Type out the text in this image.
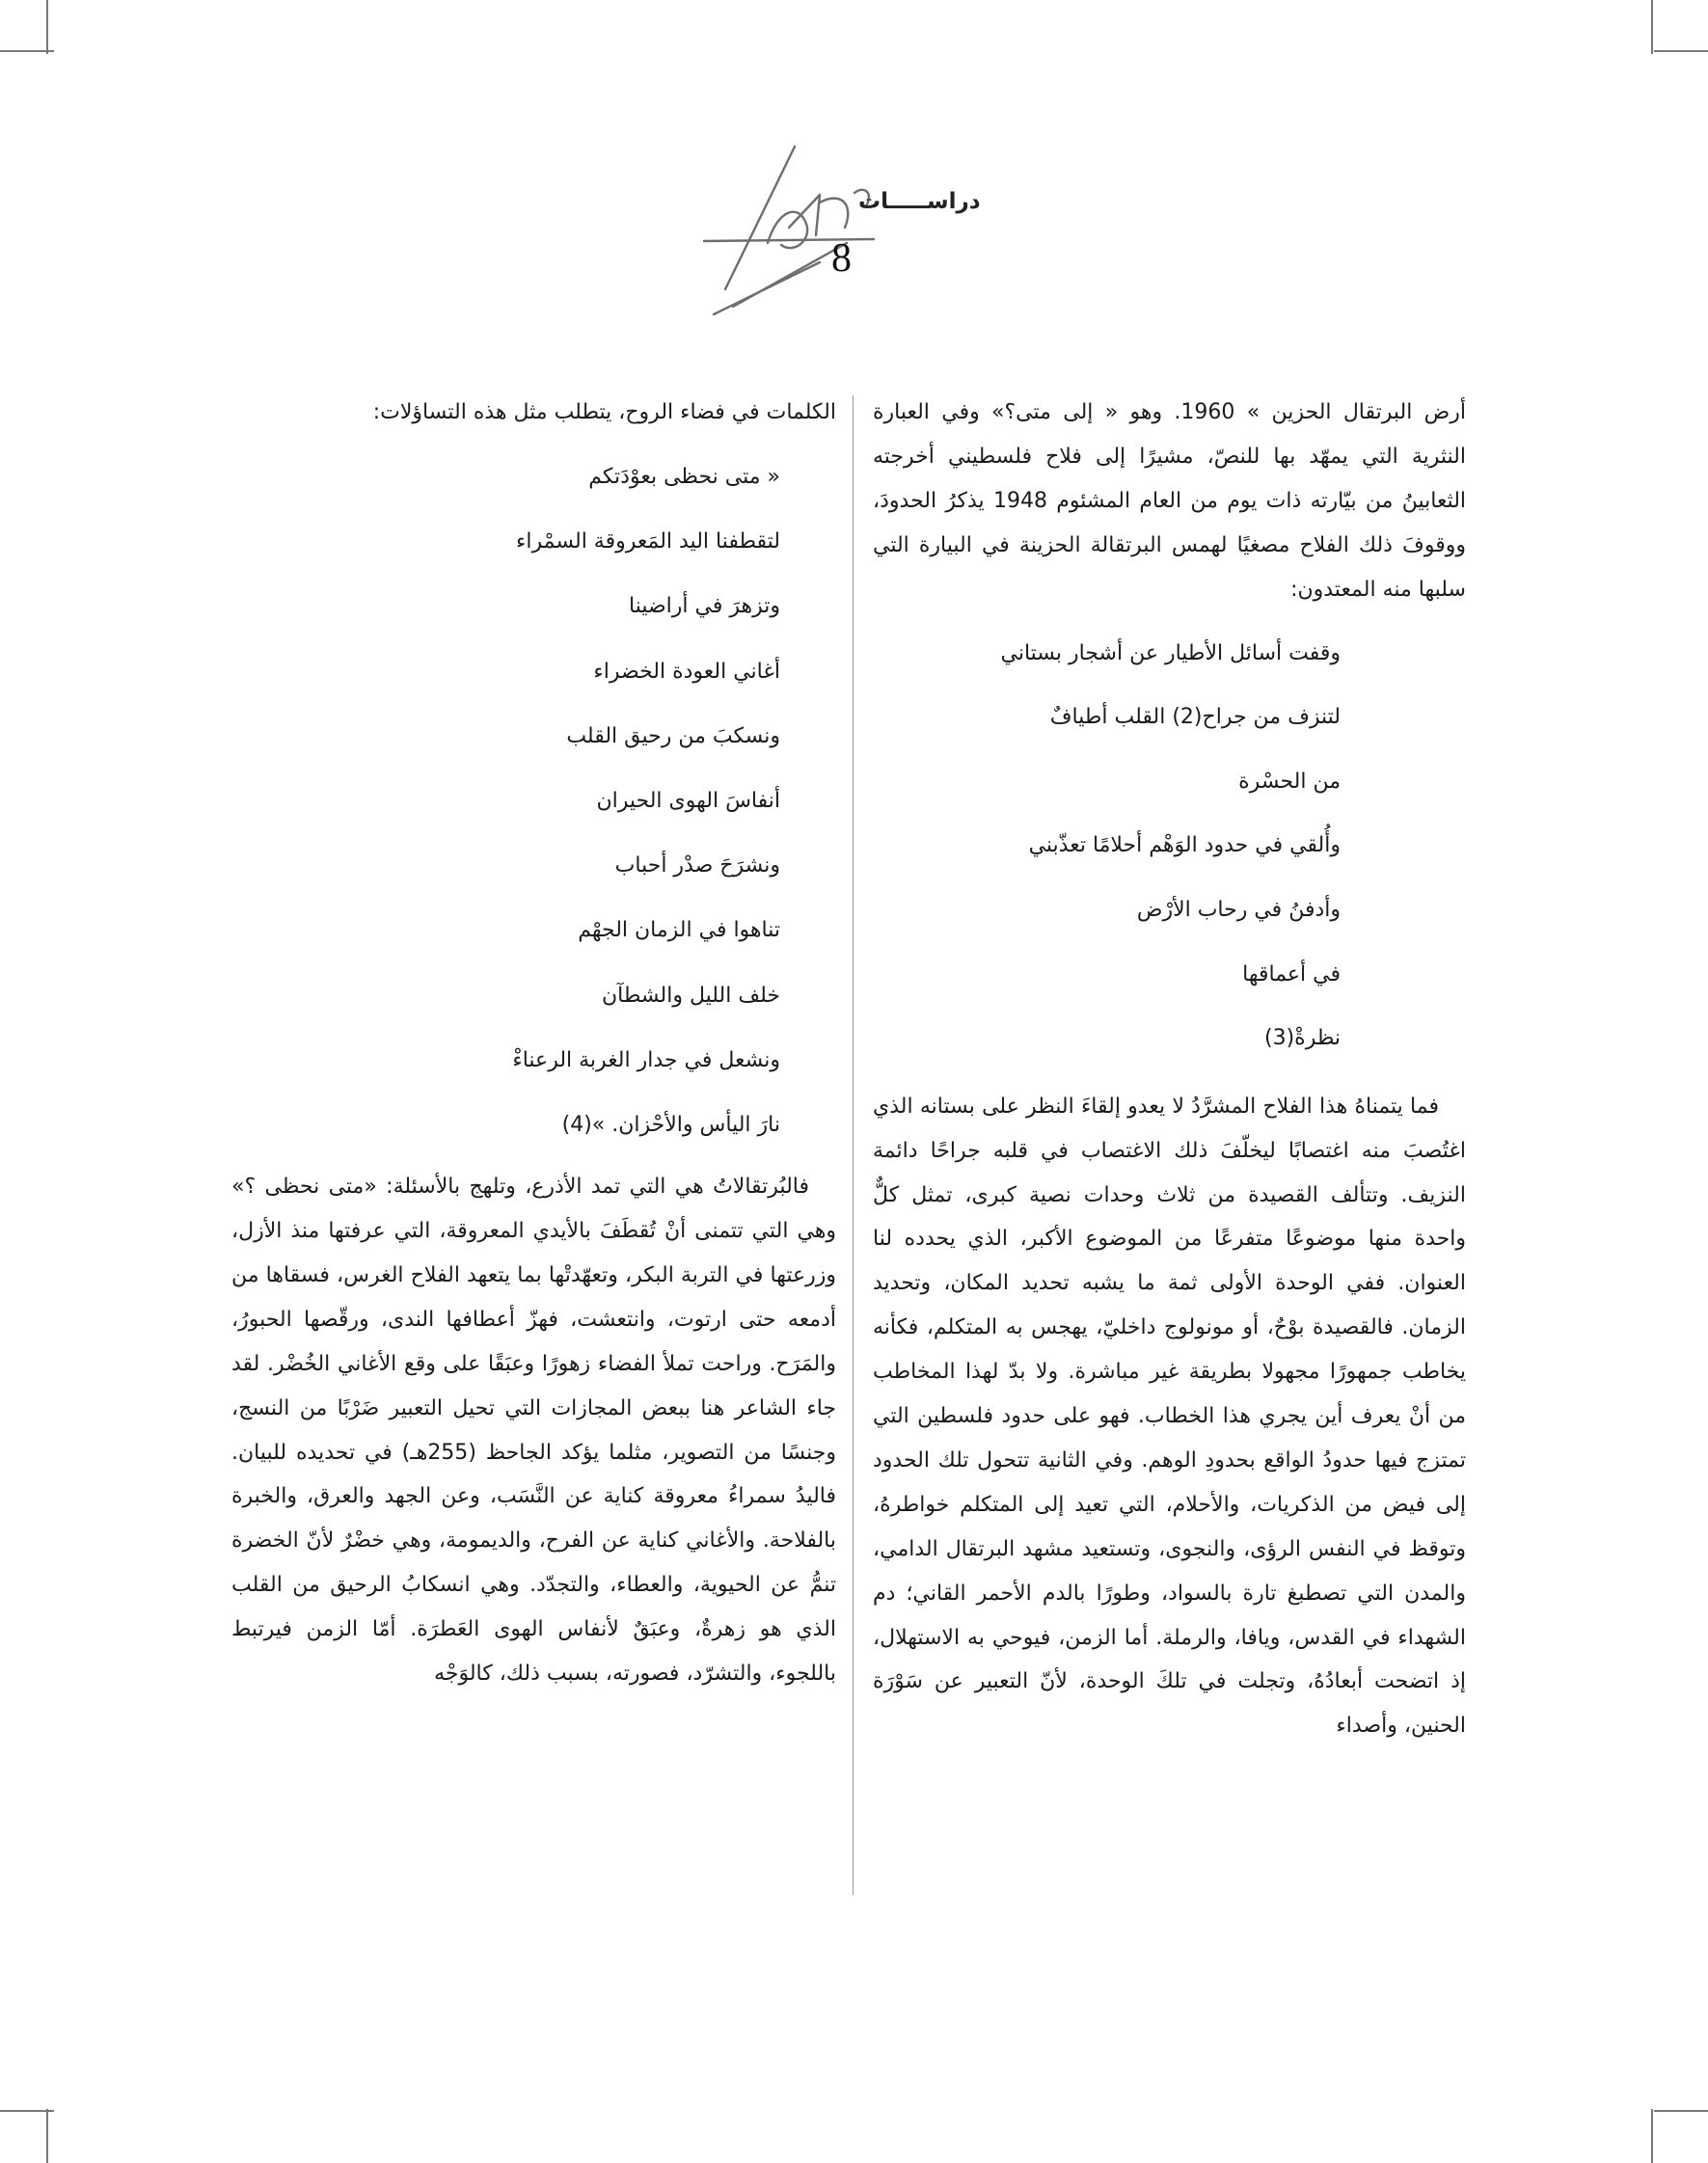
أوراق
دراســـــات
8

أرض البرتقال الحزين » 1960. وهو « إلى متى؟» وفي العبارة النثرية التي يمهّد بها للنصّ، مشيرًا إلى فلاح فلسطيني أخرجته الثعابينُ من بيّارته ذات يوم من العام المشئوم 1948 يذكرُ الحدودَ، ووقوفَ ذلك الفلاح مصغيًا لهمس البرتقالة الحزينة في البيارة التي سلبها منه المعتدون:

وقفت أسائل الأطيار عن أشجار بستاني

لتنزف من جراح(2) القلب أطيافٌ

من الحسْرة

وأُلقي في حدود الوَهْم أحلامًا تعذّبني

وأدفنُ في رحاب الأرْض

في أعماقها

نظرةْ(3)

فما يتمناهُ هذا الفلاح المشرَّدُ لا يعدو إلقاءَ النظر على بستانه الذي اغتُصبَ منه اغتصابًا ليخلّفَ ذلك الاغتصاب في قلبه جراحًا دائمة النزيف. وتتألف القصيدة من ثلاث وحدات نصية كبرى، تمثل كلٌّ واحدة منها موضوعًا متفرعًا من الموضوع الأكبر، الذي يحدده لنا العنوان. ففي الوحدة الأولى ثمة ما يشبه تحديد المكان، وتحديد الزمان. فالقصيدة بوْحٌ، أو مونولوج داخليّ، يهجس به المتكلم، فكأنه يخاطب جمهورًا مجهولا بطريقة غير مباشرة. ولا بدّ لهذا المخاطب من أنْ يعرف أين يجري هذا الخطاب. فهو على حدود فلسطين التي تمتزج فيها حدودُ الواقع بحدودِ الوهم. وفي الثانية تتحول تلك الحدود إلى فيض من الذكريات، والأحلام، التي تعيد إلى المتكلم خواطرهُ، وتوقظ في النفس الرؤى، والنجوى، وتستعيد مشهد البرتقال الدامي، والمدن التي تصطبغ تارة بالسواد، وطورًا بالدم الأحمر القاني؛ دم الشهداء في القدس، ويافا، والرملة. أما الزمن، فيوحي به الاستهلال، إذ اتضحت أبعادُهُ، وتجلت في تلكَ الوحدة، لأنّ التعبير عن سَوْرَة الحنين، وأصداء

الكلمات في فضاء الروح، يتطلب مثل هذه التساؤلات:

« متى نحظى بعوْدَتكم

لتقطفنا اليد المَعروقة السمْراء

وتزهرَ في أراضينا

أغاني العودة الخضراء

ونسكبَ من رحيق القلب

أنفاسَ الهوى الحيران

ونشرَحَ صدْر أحباب

تناهوا في الزمان الجهْم

خلف الليل والشطآن

ونشعل في جدار الغربة الرعناءْ

نارَ اليأس والأحْزان. »(4)

فالبُرتقالاتُ هي التي تمد الأذرع، وتلهج بالأسئلة: «متى نحظى ؟» وهي التي تتمنى أنْ تُقطَفَ بالأيدي المعروقة، التي عرفتها منذ الأزل، وزرعتها في التربة البكر، وتعهّدتْها بما يتعهد الفلاح الغرس، فسقاها من أدمعه حتى ارتوت، وانتعشت، فهزّ أعطافها الندى، ورقّصها الحبورُ، والمَرَح. وراحت تملأ الفضاء زهورًا وعبَقًا على وقع الأغاني الخُضْر. لقد جاء الشاعر هنا ببعض المجازات التي تحيل التعبير ضَرْبًا من النسج، وجنسًا من التصوير، مثلما يؤكد الجاحظ (255هـ) في تحديده للبيان. فاليدُ سمراءُ معروقة كناية عن النَّسَب، وعن الجهد والعرق، والخبرة بالفلاحة. والأغاني كناية عن الفرح، والديمومة، وهي خضْرٌ لأنّ الخضرة تنمُّ عن الحيوية، والعطاء، والتجدّد. وهي انسكابُ الرحيق من القلب الذي هو زهرةٌ، وعبَقٌ لأنفاس الهوى العَطرَة. أمّا الزمن فيرتبط باللجوء، والتشرّد، فصورته، بسبب ذلك، كالوَجْه
